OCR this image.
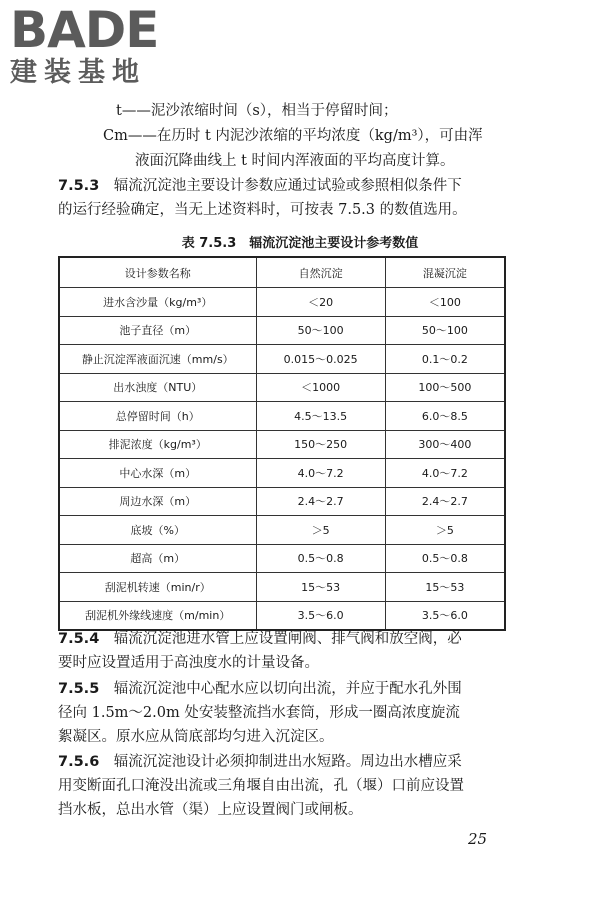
BADE
建装基地
t——泥沙浓缩时间（s），相当于停留时间；
Cm——在历时 t 内泥沙浓缩的平均浓度（kg/m³），可由浑
液面沉降曲线上 t 时间内浑液面的平均高度计算。
7.5.3　 辐流沉淀池主要设计参数应通过试验或参照相似条件下
的运行经验确定，当无上述资料时，可按表 7.5.3 的数值选用。
表 7.5.3　辐流沉淀池主要设计参考数值
设计参数名称	自然沉淀	混凝沉淀
进水含沙量（kg/m³）	＜20	＜100
池子直径（m）	50～100	50～100
静止沉淀浑液面沉速（mm/s）	0.015～0.025	0.1～0.2
出水浊度（NTU）	＜1000	100～500
总停留时间（h）	4.5～13.5	6.0～8.5
排泥浓度（kg/m³）	150～250	300～400
中心水深（m）	4.0～7.2	4.0～7.2
周边水深（m）	2.4～2.7	2.4～2.7
底坡（%）	＞5	＞5
超高（m）	0.5～0.8	0.5～0.8
刮泥机转速（min/r）	15～53	15～53
刮泥机外缘线速度（m/min）	3.5～6.0	3.5～6.0
7.5.4　 辐流沉淀池进水管上应设置闸阀、排气阀和放空阀，必
要时应设置适用于高浊度水的计量设备。
7.5.5　 辐流沉淀池中心配水应以切向出流，并应于配水孔外围
径向 1.5m～2.0m 处安装整流挡水套筒，形成一圈高浓度旋流
絮凝区。原水应从筒底部均匀进入沉淀区。
7.5.6　 辐流沉淀池设计必须抑制进出水短路。周边出水槽应采
用变断面孔口淹没出流或三角堰自由出流，孔（堰）口前应设置
挡水板，总出水管（渠）上应设置阀门或闸板。
25
